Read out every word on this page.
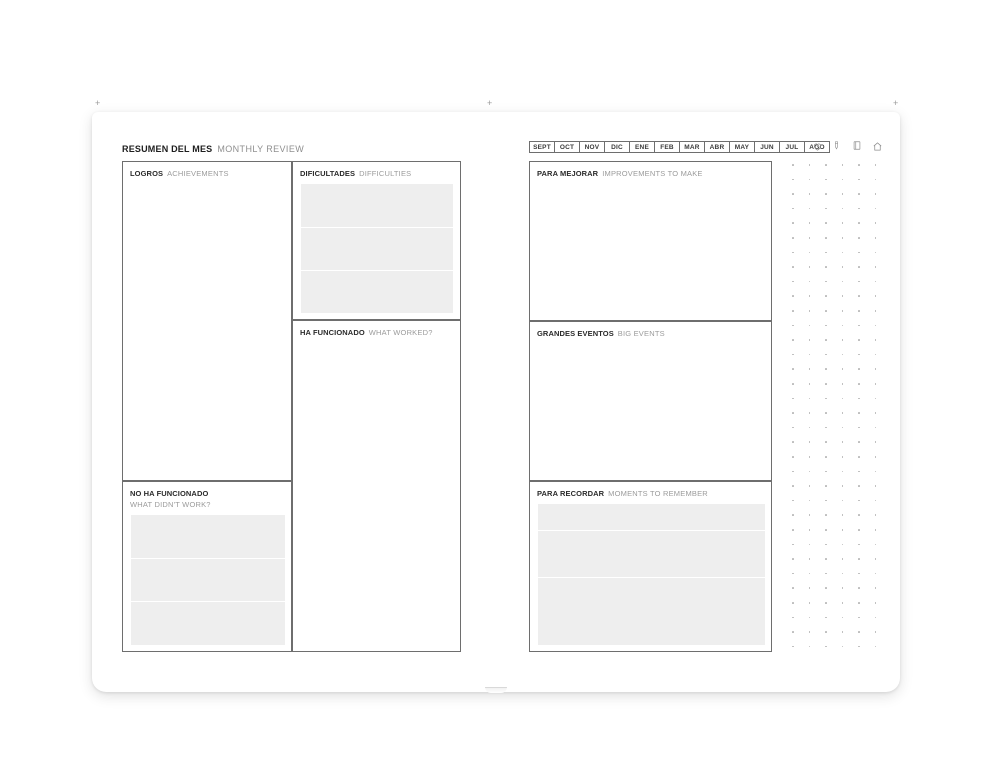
+	+	+
RESUMEN DEL MES MONTHLY REVIEW
LOGROS ACHIEVEMENTS
NO HA FUNCIONADO
WHAT DIDN'T WORK?
DIFICULTADES DIFFICULTIES
HA FUNCIONADO WHAT WORKED?
SEPT	OCT	NOV	DIC	ENE	FEB	MAR	ABR	MAY	JUN	JUL	AGO
PARA MEJORAR IMPROVEMENTS TO MAKE
GRANDES EVENTOS BIG EVENTS
PARA RECORDAR MOMENTS TO REMEMBER
